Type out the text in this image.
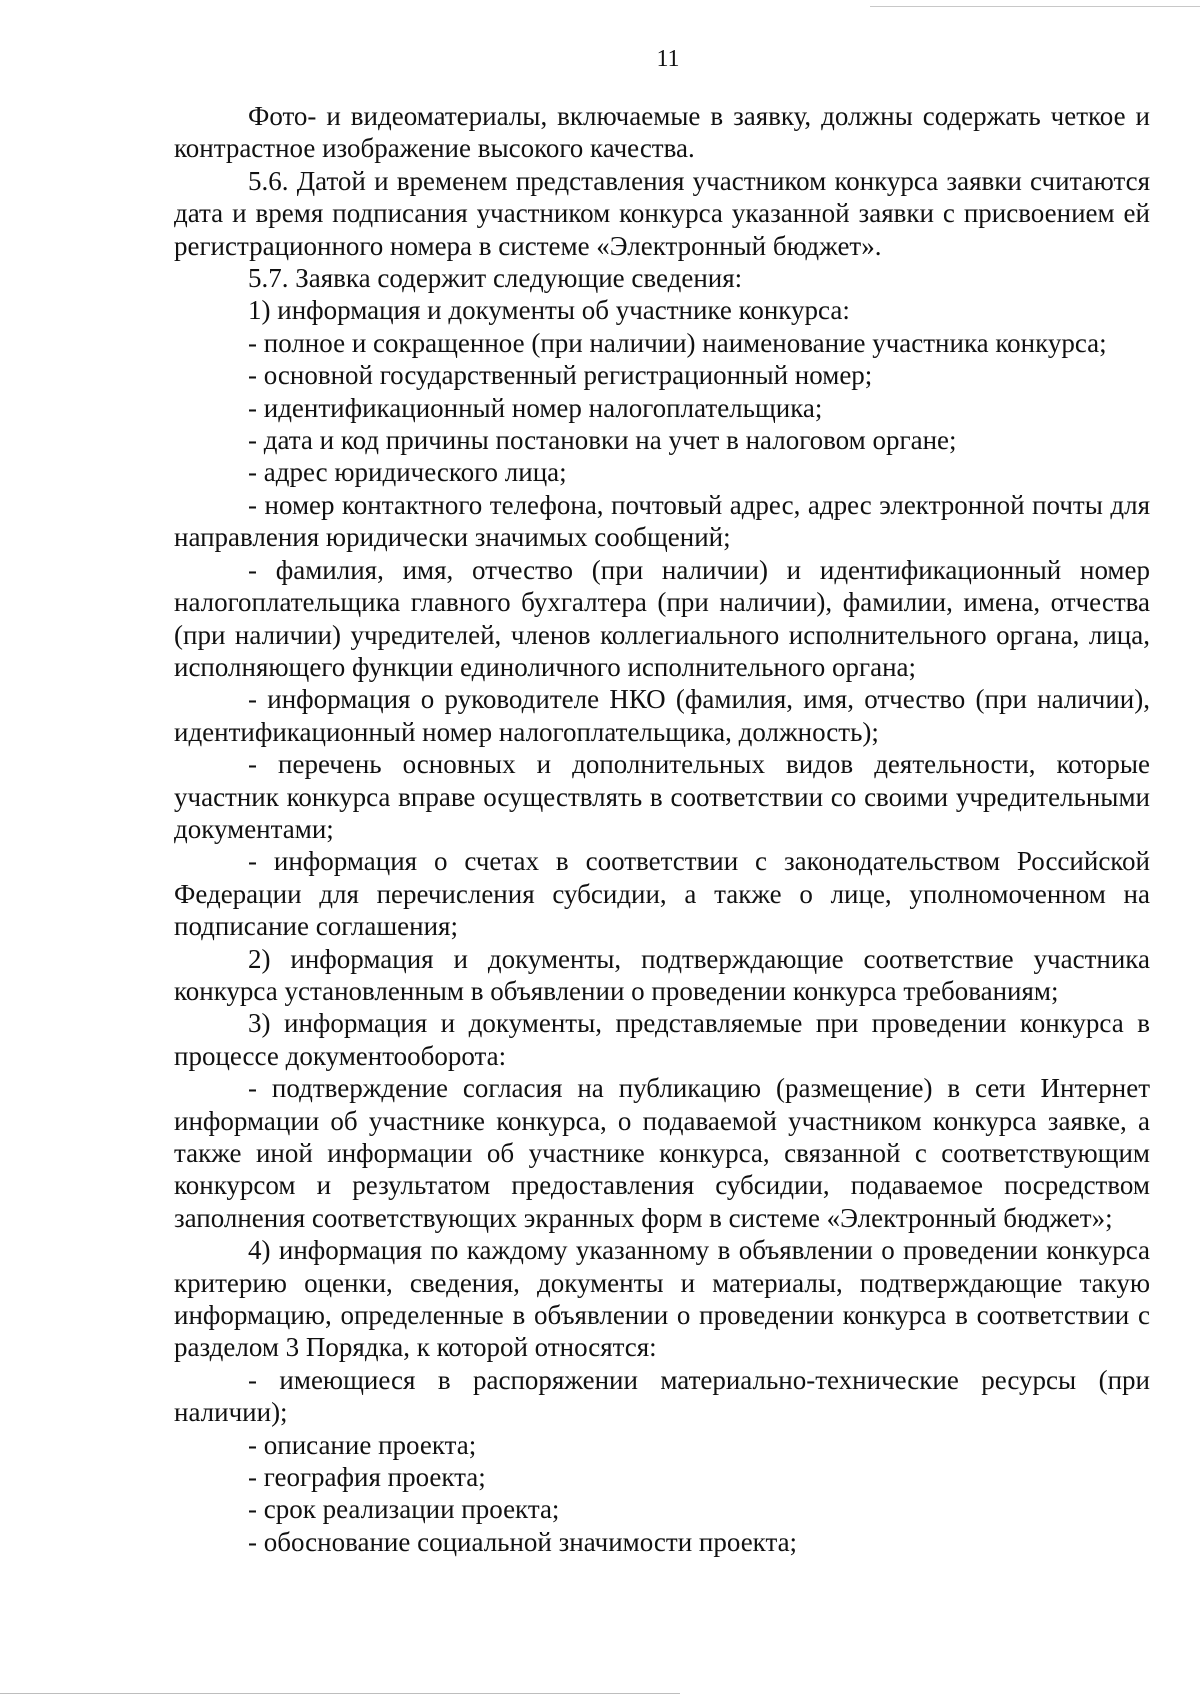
11

Фото- и видеоматериалы, включаемые в заявку, должны содержать четкое и контрастное изображение высокого качества.

5.6. Датой и временем представления участником конкурса заявки считаются дата и время подписания участником конкурса указанной заявки с присвоением ей регистрационного номера в системе «Электронный бюджет».

5.7. Заявка содержит следующие сведения:

1) информация и документы об участнике конкурса:

- полное и сокращенное (при наличии) наименование участника конкурса;

- основной государственный регистрационный номер;

- идентификационный номер налогоплательщика;

- дата и код причины постановки на учет в налоговом органе;

- адрес юридического лица;

- номер контактного телефона, почтовый адрес, адрес электронной почты для направления юридически значимых сообщений;

- фамилия, имя, отчество (при наличии) и идентификационный номер налогоплательщика главного бухгалтера (при наличии), фамилии, имена, отчества (при наличии) учредителей, членов коллегиального исполнительного органа, лица, исполняющего функции единоличного исполнительного органа;

- информация о руководителе НКО (фамилия, имя, отчество (при наличии), идентификационный номер налогоплательщика, должность);

- перечень основных и дополнительных видов деятельности, которые участник конкурса вправе осуществлять в соответствии со своими учредительными документами;

- информация о счетах в соответствии с законодательством Российской Федерации для перечисления субсидии, а также о лице, уполномоченном на подписание соглашения;

2) информация и документы, подтверждающие соответствие участника конкурса установленным в объявлении о проведении конкурса требованиям;

3) информация и документы, представляемые при проведении конкурса в процессе документооборота:

- подтверждение согласия на публикацию (размещение) в сети Интернет информации об участнике конкурса, о подаваемой участником конкурса заявке, а также иной информации об участнике конкурса, связанной с соответствующим конкурсом и результатом предоставления субсидии, подаваемое посредством заполнения соответствующих экранных форм в системе «Электронный бюджет»;

4) информация по каждому указанному в объявлении о проведении конкурса критерию оценки, сведения, документы и материалы, подтверждающие такую информацию, определенные в объявлении о проведении конкурса в соответствии с разделом 3 Порядка, к которой относятся:

- имеющиеся в распоряжении материально-технические ресурсы (при наличии);

- описание проекта;

- география проекта;

- срок реализации проекта;

- обоснование социальной значимости проекта;
